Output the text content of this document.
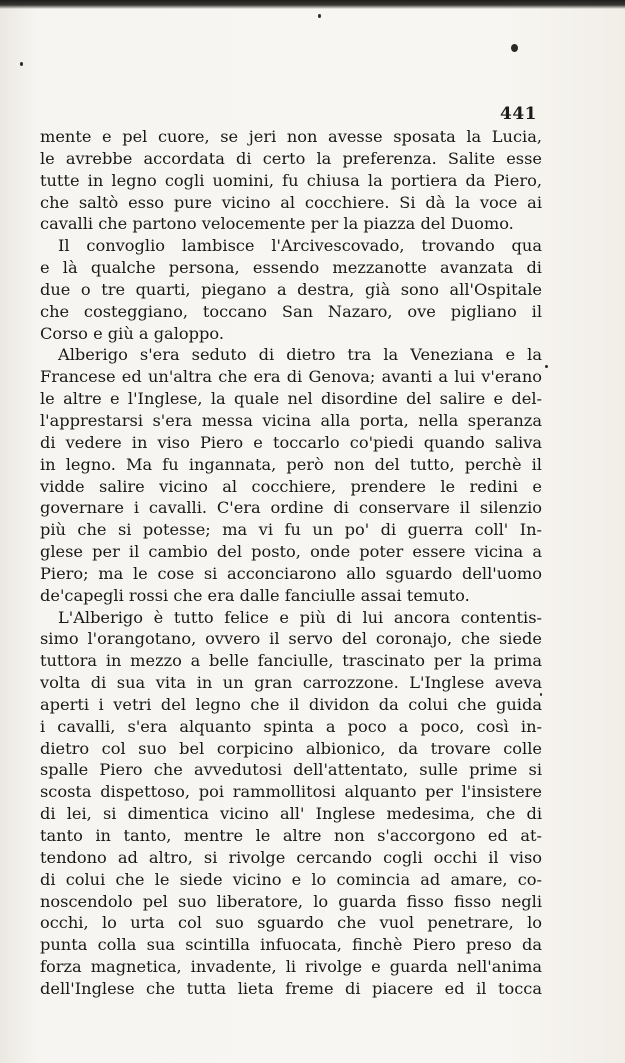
441
mente e pel cuore, se jeri non avesse sposata la Lucia,
le avrebbe accordata di certo la preferenza. Salite esse
tutte in legno cogli uomini, fu chiusa la portiera da Piero,
che saltò esso pure vicino al cocchiere. Si dà la voce ai
cavalli che partono velocemente per la piazza del Duomo.
Il convoglio lambisce l'Arcivescovado, trovando qua
e là qualche persona, essendo mezzanotte avanzata di
due o tre quarti, piegano a destra, già sono all'Ospitale
che costeggiano, toccano San Nazaro, ove pigliano il
Corso e giù a galoppo.
Alberigo s'era seduto di dietro tra la Veneziana e la
Francese ed un'altra che era di Genova; avanti a lui v'erano
le altre e l'Inglese, la quale nel disordine del salire e del-
l'apprestarsi s'era messa vicina alla porta, nella speranza
di vedere in viso Piero e toccarlo co'piedi quando saliva
in legno. Ma fu ingannata, però non del tutto, perchè il
vidde salire vicino al cocchiere, prendere le redini e
governare i cavalli. C'era ordine di conservare il silenzio
più che si potesse; ma vi fu un po' di guerra coll' In-
glese per il cambio del posto, onde poter essere vicina a
Piero; ma le cose si acconciarono allo sguardo dell'uomo
de'capegli rossi che era dalle fanciulle assai temuto.
L'Alberigo è tutto felice e più di lui ancora contentis-
simo l'orangotano, ovvero il servo del coronajo, che siede
tuttora in mezzo a belle fanciulle, trascinato per la prima
volta di sua vita in un gran carrozzone. L'Inglese aveva
aperti i vetri del legno che il dividon da colui che guida
i cavalli, s'era alquanto spinta a poco a poco, così in-
dietro col suo bel corpicino albionico, da trovare colle
spalle Piero che avvedutosi dell'attentato, sulle prime si
scosta dispettoso, poi rammollitosi alquanto per l'insistere
di lei, si dimentica vicino all' Inglese medesima, che di
tanto in tanto, mentre le altre non s'accorgono ed at-
tendono ad altro, si rivolge cercando cogli occhi il viso
di colui che le siede vicino e lo comincia ad amare, co-
noscendolo pel suo liberatore, lo guarda fisso fisso negli
occhi, lo urta col suo sguardo che vuol penetrare, lo
punta colla sua scintilla infuocata, finchè Piero preso da
forza magnetica, invadente, li rivolge e guarda nell'anima
dell'Inglese che tutta lieta freme di piacere ed il tocca
